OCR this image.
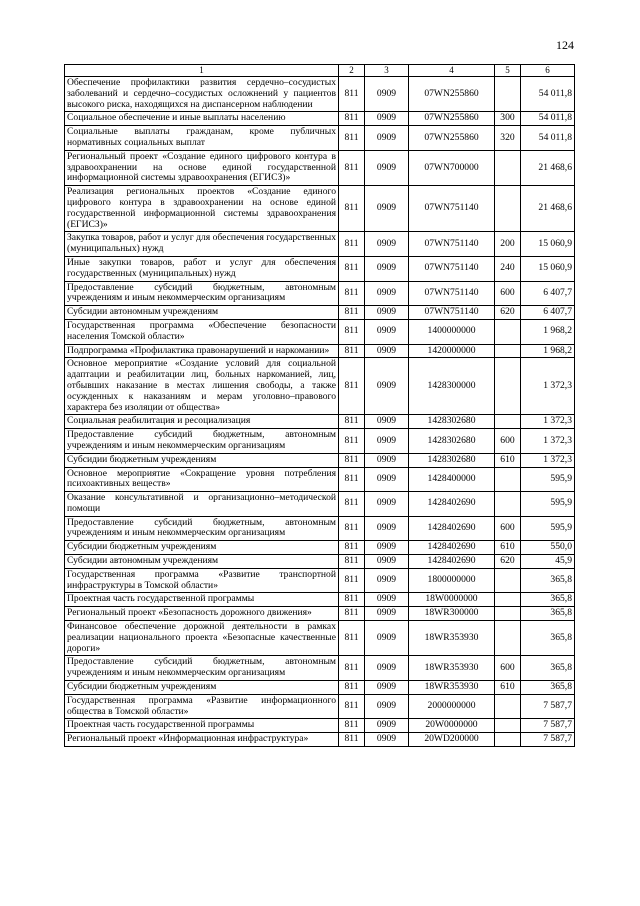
124
1	2	3	4	5	6
Обеспечение профилактики развития сердечно–сосудистых заболеваний и сердечно–сосудистых осложнений у пациентов высокого риска, находящихся на диспансерном наблюдении	811	0909	07WN255860		54 011,8
Социальное обеспечение и иные выплаты населению	811	0909	07WN255860	300	54 011,8
Социальные выплаты гражданам, кроме публичных нормативных социальных выплат	811	0909	07WN255860	320	54 011,8
Региональный проект «Создание единого цифрового контура в здравоохранении на основе единой государственной информационной системы здравоохранения (ЕГИСЗ)»	811	0909	07WN700000		21 468,6
Реализация региональных проектов «Создание единого цифрового контура в здравоохранении на основе единой государственной информационной системы здравоохранения (ЕГИСЗ)»	811	0909	07WN751140		21 468,6
Закупка товаров, работ и услуг для обеспечения государственных (муниципальных) нужд	811	0909	07WN751140	200	15 060,9
Иные закупки товаров, работ и услуг для обеспечения государственных (муниципальных) нужд	811	0909	07WN751140	240	15 060,9
Предоставление субсидий бюджетным, автономным учреждениям и иным некоммерческим организациям	811	0909	07WN751140	600	6 407,7
Субсидии автономным учреждениям	811	0909	07WN751140	620	6 407,7
Государственная программа «Обеспечение безопасности населения Томской области»	811	0909	1400000000		1 968,2
Подпрограмма «Профилактика правонарушений и наркомании»	811	0909	1420000000		1 968,2
Основное мероприятие «Создание условий для социальной адаптации и реабилитации лиц, больных наркоманией, лиц, отбывших наказание в местах лишения свободы, а также осужденных к наказаниям и мерам уголовно–правового характера без изоляции от общества»	811	0909	1428300000		1 372,3
Социальная реабилитация и ресоциализация	811	0909	1428302680		1 372,3
Предоставление субсидий бюджетным, автономным учреждениям и иным некоммерческим организациям	811	0909	1428302680	600	1 372,3
Субсидии бюджетным учреждениям	811	0909	1428302680	610	1 372,3
Основное мероприятие «Сокращение уровня потребления психоактивных веществ»	811	0909	1428400000		595,9
Оказание консультативной и организационно–методической помощи	811	0909	1428402690		595,9
Предоставление субсидий бюджетным, автономным учреждениям и иным некоммерческим организациям	811	0909	1428402690	600	595,9
Субсидии бюджетным учреждениям	811	0909	1428402690	610	550,0
Субсидии автономным учреждениям	811	0909	1428402690	620	45,9
Государственная программа «Развитие транспортной инфраструктуры в Томской области»	811	0909	1800000000		365,8
Проектная часть государственной программы	811	0909	18W0000000		365,8
Региональный проект «Безопасность дорожного движения»	811	0909	18WR300000		365,8
Финансовое обеспечение дорожной деятельности в рамках реализации национального проекта «Безопасные качественные дороги»	811	0909	18WR353930		365,8
Предоставление субсидий бюджетным, автономным учреждениям и иным некоммерческим организациям	811	0909	18WR353930	600	365,8
Субсидии бюджетным учреждениям	811	0909	18WR353930	610	365,8
Государственная программа «Развитие информационного общества в Томской области»	811	0909	2000000000		7 587,7
Проектная часть государственной программы	811	0909	20W0000000		7 587,7
Региональный проект «Информационная инфраструктура»	811	0909	20WD200000		7 587,7
